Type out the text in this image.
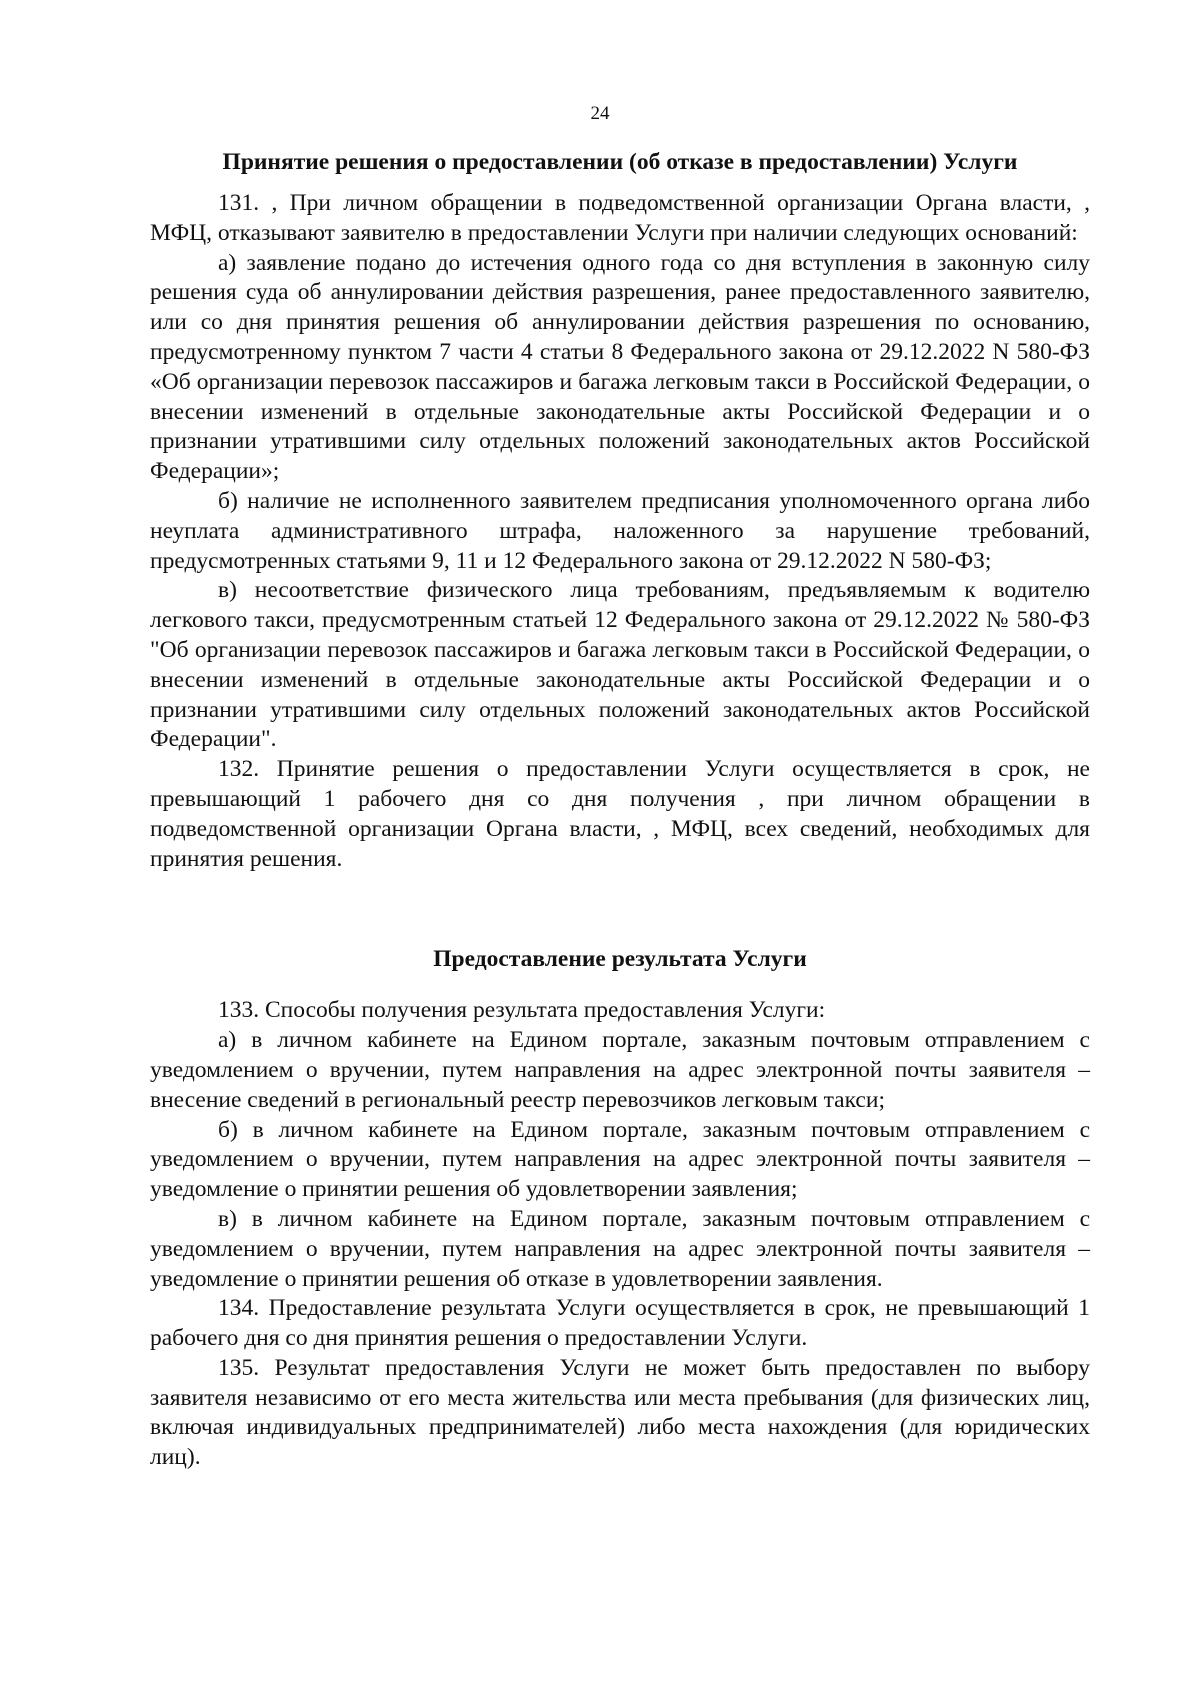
24
Принятие решения о предоставлении (об отказе в предоставлении) Услуги

131. , При личном обращении в подведомственной организации Органа власти, , МФЦ, отказывают заявителю в предоставлении Услуги при наличии следующих оснований:

а) заявление подано до истечения одного года со дня вступления в законную силу решения суда об аннулировании действия разрешения, ранее предоставленного заявителю, или со дня принятия решения об аннулировании действия разрешения по основанию, предусмотренному пунктом 7 части 4 статьи 8 Федерального закона от 29.12.2022 N 580-ФЗ «Об организации перевозок пассажиров и багажа легковым такси в Российской Федерации, о внесении изменений в отдельные законодательные акты Российской Федерации и о признании утратившими силу отдельных положений законодательных актов Российской Федерации»;

б) наличие не исполненного заявителем предписания уполномоченного органа либо неуплата административного штрафа, наложенного за нарушение требований, предусмотренных статьями 9, 11 и 12 Федерального закона от 29.12.2022 N 580-ФЗ;

в) несоответствие физического лица требованиям, предъявляемым к водителю легкового такси, предусмотренным статьей 12 Федерального закона от 29.12.2022 № 580-ФЗ "Об организации перевозок пассажиров и багажа легковым такси в Российской Федерации, о внесении изменений в отдельные законодательные акты Российской Федерации и о признании утратившими силу отдельных положений законодательных актов Российской Федерации".

132. Принятие решения о предоставлении Услуги осуществляется в срок, не превышающий 1 рабочего дня со дня получения , при личном обращении в подведомственной организации Органа власти, , МФЦ, всех сведений, необходимых для принятия решения.

Предоставление результата Услуги

133. Способы получения результата предоставления Услуги:

а) в личном кабинете на Едином портале, заказным почтовым отправлением с уведомлением о вручении, путем направления на адрес электронной почты заявителя – внесение сведений в региональный реестр перевозчиков легковым такси;

б) в личном кабинете на Едином портале, заказным почтовым отправлением с уведомлением о вручении, путем направления на адрес электронной почты заявителя – уведомление о принятии решения об удовлетворении заявления;

в) в личном кабинете на Едином портале, заказным почтовым отправлением с уведомлением о вручении, путем направления на адрес электронной почты заявителя – уведомление о принятии решения об отказе в удовлетворении заявления.

134. Предоставление результата Услуги осуществляется в срок, не превышающий 1 рабочего дня со дня принятия решения о предоставлении Услуги.

135. Результат предоставления Услуги не может быть предоставлен по выбору заявителя независимо от его места жительства или места пребывания (для физических лиц, включая индивидуальных предпринимателей) либо места нахождения (для юридических лиц).
